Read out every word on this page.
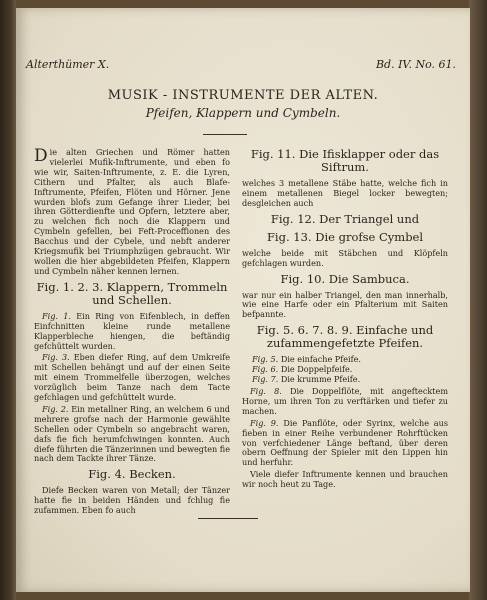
Alterthümer X.	Bd. IV. No. 61.
MUSIK - INSTRUMENTE DER ALTEN.
Pfeifen, Klappern und Cymbeln.

Die alten Griechen und Römer hatten vielerlei Mufik-Inftrumente, und eben fo wie wir, Saiten-Inftrumente, z. E. die Lyren, Cithern und Pfalter, als auch Blafe-Inftrumente, Pfeifen, Flöten und Hörner. Jene wurden blofs zum Gefange ihrer Lieder, bei ihren Götterdienfte und Opfern, letztere aber, zu welchen fich noch die Klappern und Cymbeln gefellen, bei Feft-Proceffionen des Bacchus und der Cybele, und nebft anderer Kriegsmufik bei Triumphzügen gebraucht. Wir wollen die hier abgebildeten Pfeifen, Klappern und Cymbeln näher kennen lernen.

Fig. 1. 2. 3. Klappern, Trommeln und Schellen.

Fig. 1. Ein Ring von Eifenblech, in deffen Einfchnitten kleine runde metallene Klapperbleche hiengen, die beftändig gefchüttelt wurden.

Fig. 3. Eben diefer Ring, auf dem Umkreife mit Schellen behängt und auf der einen Seite mit einem Trommelfelle überzogen, welches vorzüglich beim Tanze nach dem Tacte gefchlagen und gefchüttelt wurde.

Fig. 2. Ein metallner Ring, an welchem 6 und mehrere grofse nach der Harmonie gewählte Schellen oder Cymbeln so angebracht waren, dafs fie fich herumfchwingen konnten. Auch diefe führten die Tänzerinnen und bewegten fie nach dem Tackte ihrer Tänze.

Fig. 4. Becken.

Diefe Becken waren von Metall; der Tänzer hatte fie in beiden Händen und fchlug fie zufammen. Eben fo auch

Fig. 11. Die Ifisklapper oder das Siftrum.

welches 3 metallene Stäbe hatte, welche fich in einem metallenen Biegel locker bewegten; desgleichen auch

Fig. 12. Der Triangel und
Fig. 13. Die grofse Cymbel

welche beide mit Stäbchen und Klöpfeln gefchlagen wurden.

Fig. 10. Die Sambuca.

war nur ein halber Triangel, den man innerhalb, wie eine Harfe oder ein Pfalterium mit Saiten befpannte.

Fig. 5. 6. 7. 8. 9. Einfache und zufammengefetzte Pfeifen.
Fig. 5. Die einfache Pfeife.
Fig. 6. Die Doppelpfeife.
Fig. 7. Die krumme Pfeife.

Fig. 8. Die Doppelflöte, mit angeftecktem Horne, um ihren Ton zu verftärken und tiefer zu machen.

Fig. 9. Die Panflöte, oder Syrinx, welche aus fieben in einer Reihe verbundener Rohrftücken von verfchiedener Länge beftand, über deren obern Oeffnung der Spieler mit den Lippen hin und herfuhr.

Viele diefer Inftrumente kennen und brauchen wir noch heut zu Tage.
